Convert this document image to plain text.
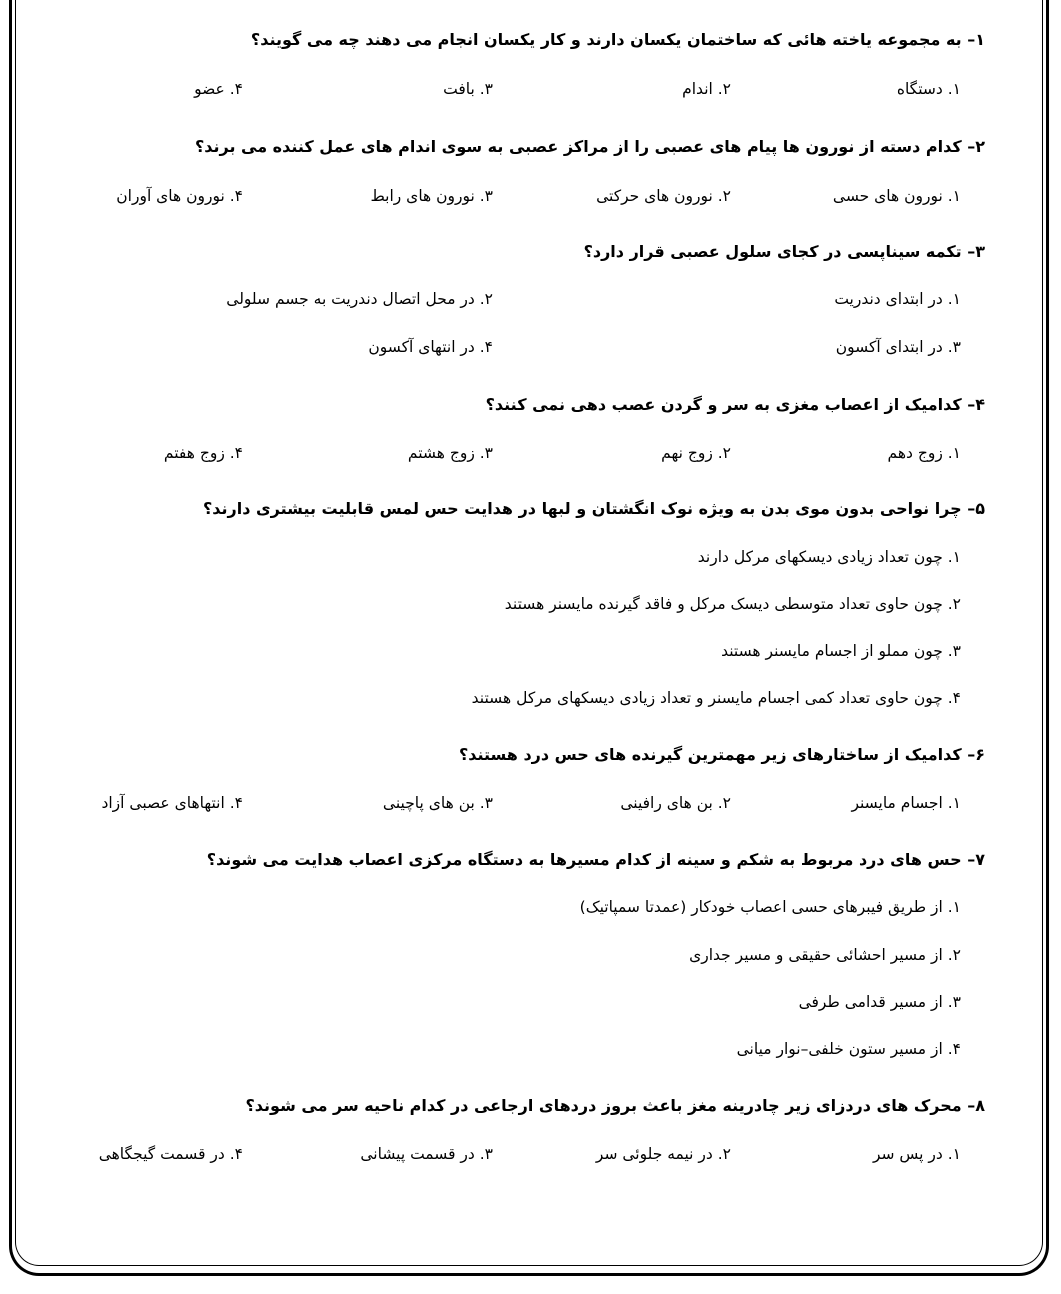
۱– به مجموعه یاخته هائی که ساختمان یکسان دارند و کار یکسان انجام می دهند چه می گویند؟
۱. دستگاه
۲. اندام
۳. بافت
۴. عضو
۲– کدام دسته از نورون ها پیام های عصبی را از مراکز عصبی به سوی اندام های عمل کننده می برند؟
۱. نورون های حسی
۲. نورون های حرکتی
۳. نورون های رابط
۴. نورون های آوران
۳– تکمه سیناپسی در کجای سلول عصبی قرار دارد؟
۱. در ابتدای دندریت
۲. در محل اتصال دندریت به جسم سلولی
۳. در ابتدای آکسون
۴. در انتهای آکسون
۴– کدامیک از اعصاب مغزی به سر و گردن عصب دهی نمی کنند؟
۱. زوج دهم
۲. زوج نهم
۳. زوج هشتم
۴. زوج هفتم
۵– چرا نواحی بدون موی بدن به ویژه نوک انگشتان و لبها در هدایت حس لمس قابلیت بیشتری دارند؟
۱. چون تعداد زیادی دیسکهای مرکل دارند
۲. چون حاوی تعداد متوسطی دیسک مرکل و فاقد گیرنده مایسنر هستند
۳. چون مملو از اجسام مایسنر هستند
۴. چون حاوی تعداد کمی اجسام مایسنر و تعداد زیادی دیسکهای مرکل هستند
۶– کدامیک از ساختارهای زیر مهمترین گیرنده های حس درد هستند؟
۱. اجسام مایسنر
۲. بن های رافینی
۳. بن های پاچینی
۴. انتهاهای عصبی آزاد
۷– حس های درد مربوط به شکم و سینه از کدام مسیرها به دستگاه مرکزی اعصاب هدایت می شوند؟
۱. از طریق فیبرهای حسی اعصاب خودکار (عمدتا سمپاتیک)
۲. از مسیر احشائی حقیقی و مسیر جداری
۳. از مسیر قدامی طرفی
۴. از مسیر ستون خلفی–نوار میانی
۸– محرک های دردزای زیر چادرینه مغز باعث بروز دردهای ارجاعی در کدام ناحیه سر می شوند؟
۱. در پس سر
۲. در نیمه جلوئی سر
۳. در قسمت پیشانی
۴. در قسمت گیجگاهی
